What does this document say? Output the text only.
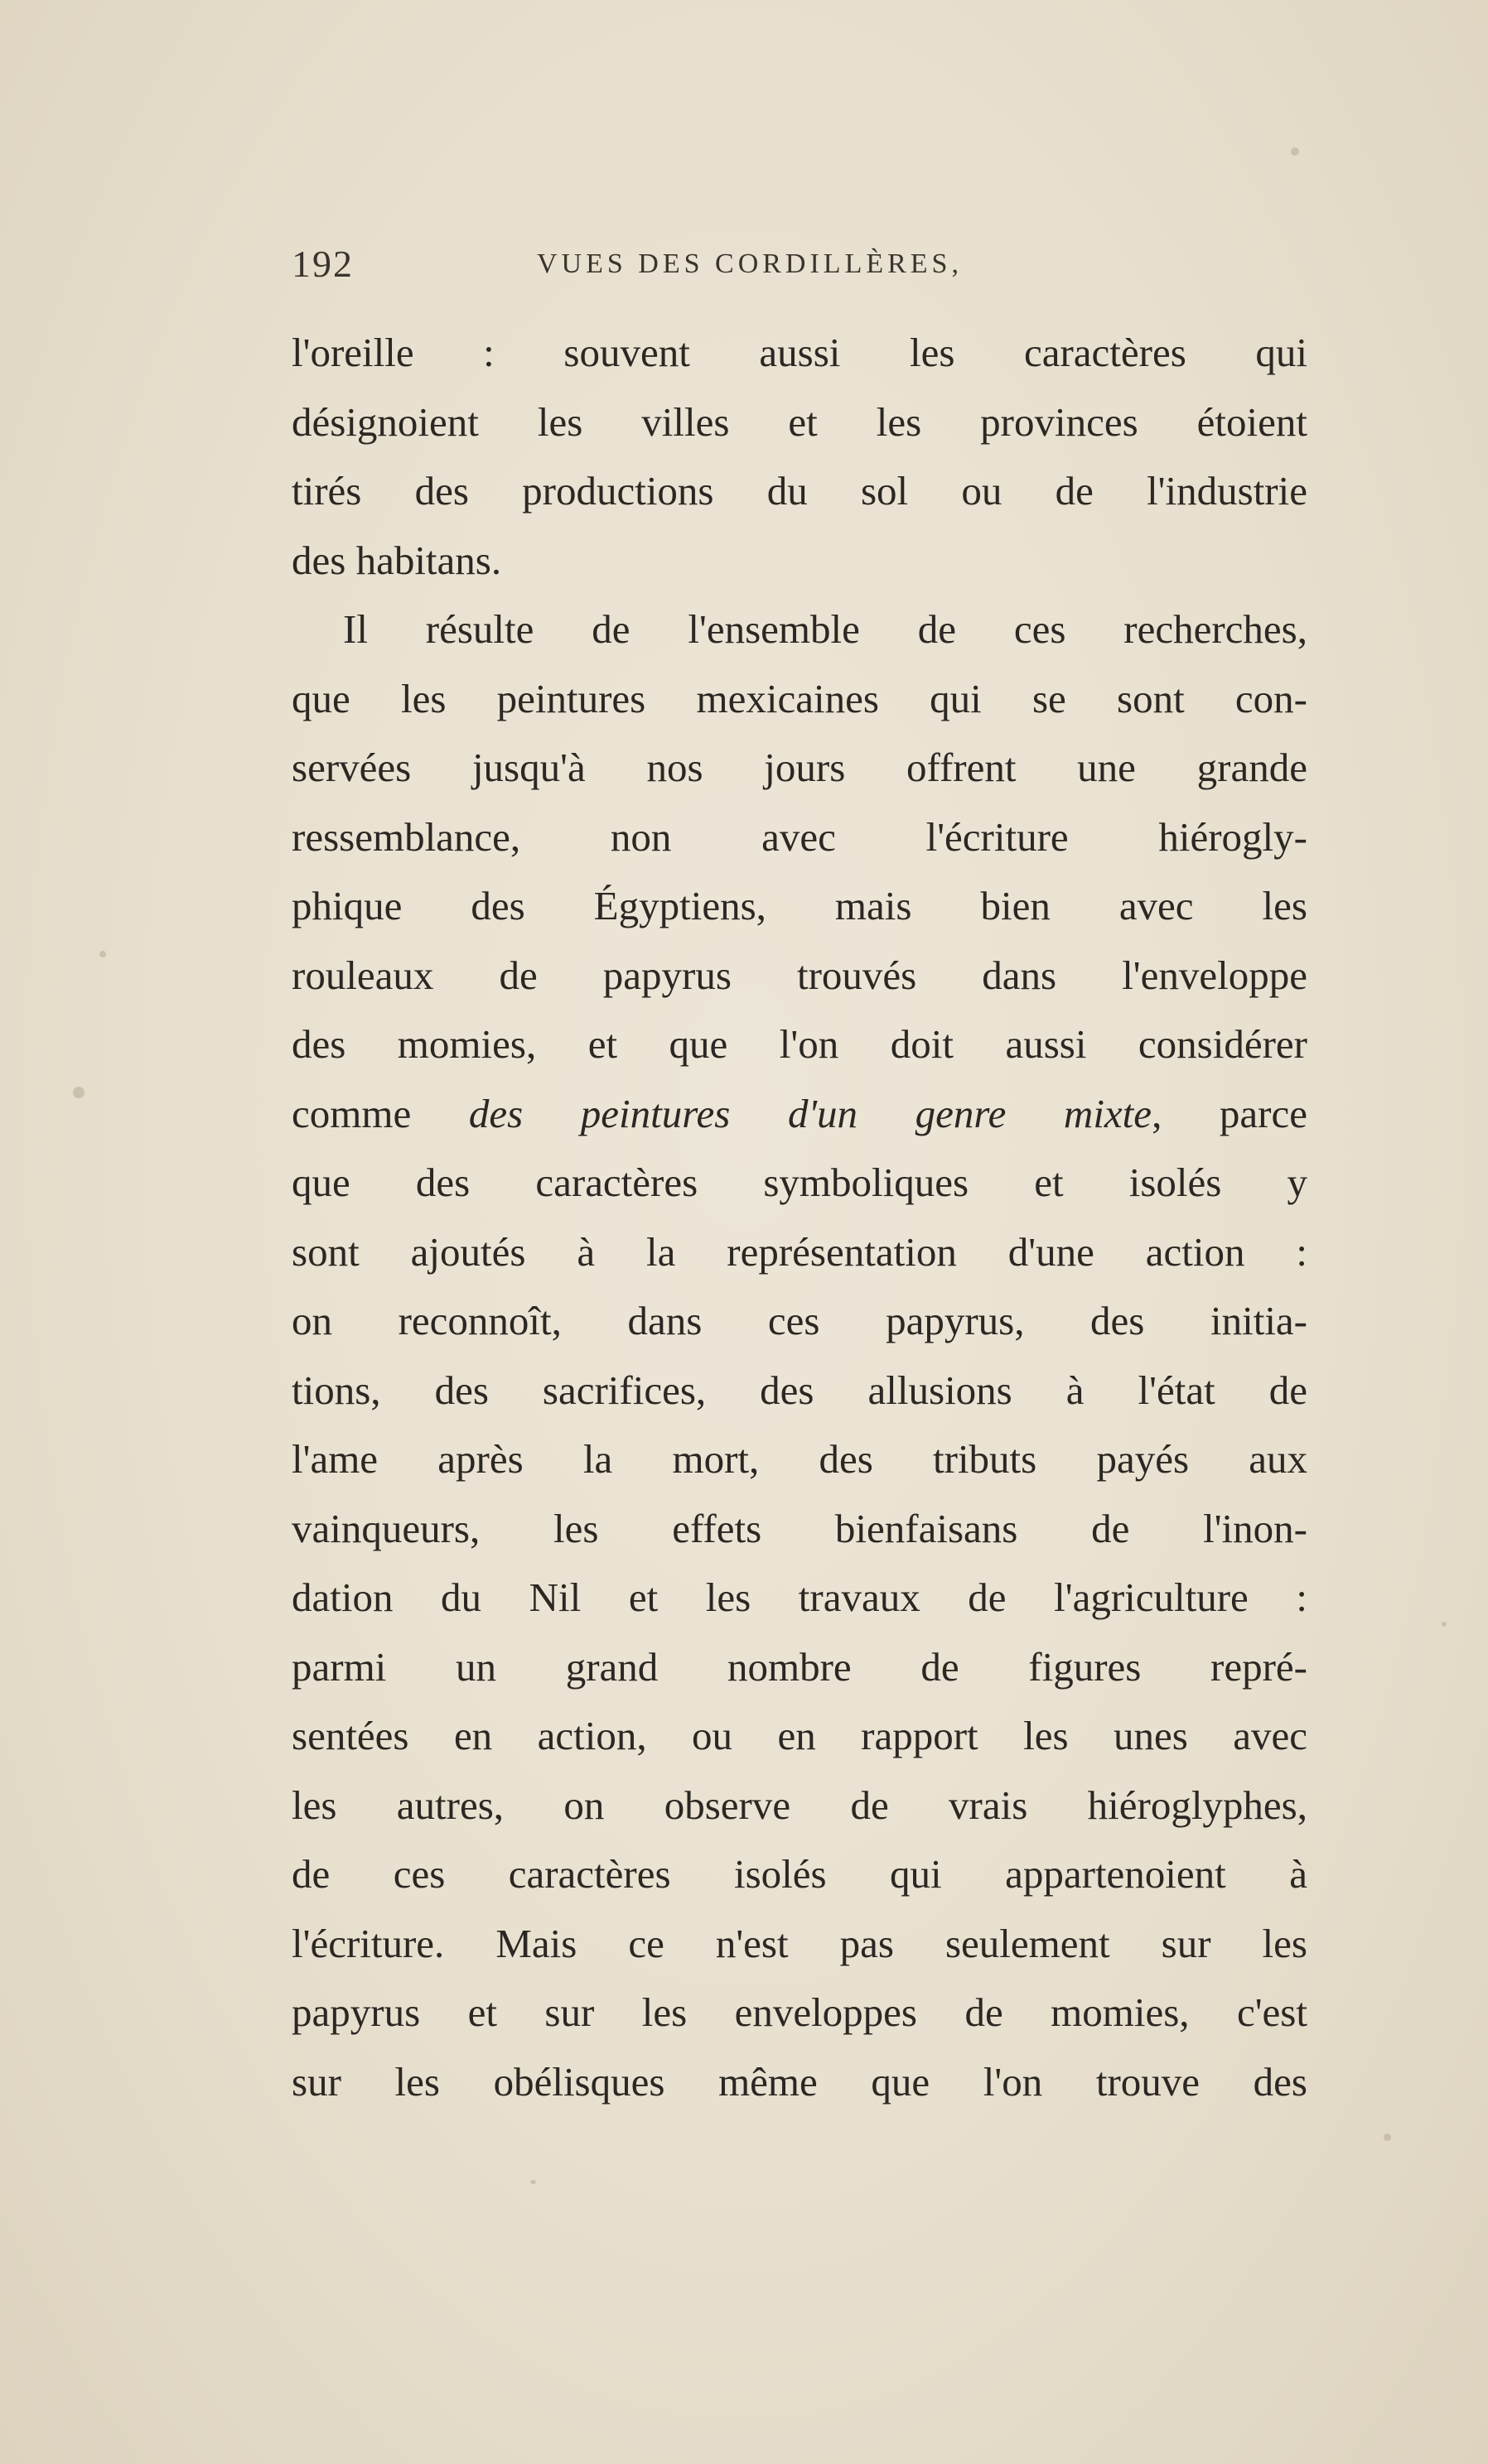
192	VUES DES CORDILLÈRES,
l'oreille : souvent aussi les caractères qui
désignoient les villes et les provinces étoient
tirés des productions du sol ou de l'industrie
des habitans.
Il résulte de l'ensemble de ces recherches,
que les peintures mexicaines qui se sont con-
servées jusqu'à nos jours offrent une grande
ressemblance, non avec l'écriture hiérogly-
phique des Égyptiens, mais bien avec les
rouleaux de papyrus trouvés dans l'enveloppe
des momies, et que l'on doit aussi considérer
comme des peintures d'un genre mixte, parce
que des caractères symboliques et isolés y
sont ajoutés à la représentation d'une action :
on reconnoît, dans ces papyrus, des initia-
tions, des sacrifices, des allusions à l'état de
l'ame après la mort, des tributs payés aux
vainqueurs, les effets bienfaisans de l'inon-
dation du Nil et les travaux de l'agriculture :
parmi un grand nombre de figures repré-
sentées en action, ou en rapport les unes avec
les autres, on observe de vrais hiéroglyphes,
de ces caractères isolés qui appartenoient à
l'écriture. Mais ce n'est pas seulement sur les
papyrus et sur les enveloppes de momies, c'est
sur les obélisques même que l'on trouve des
